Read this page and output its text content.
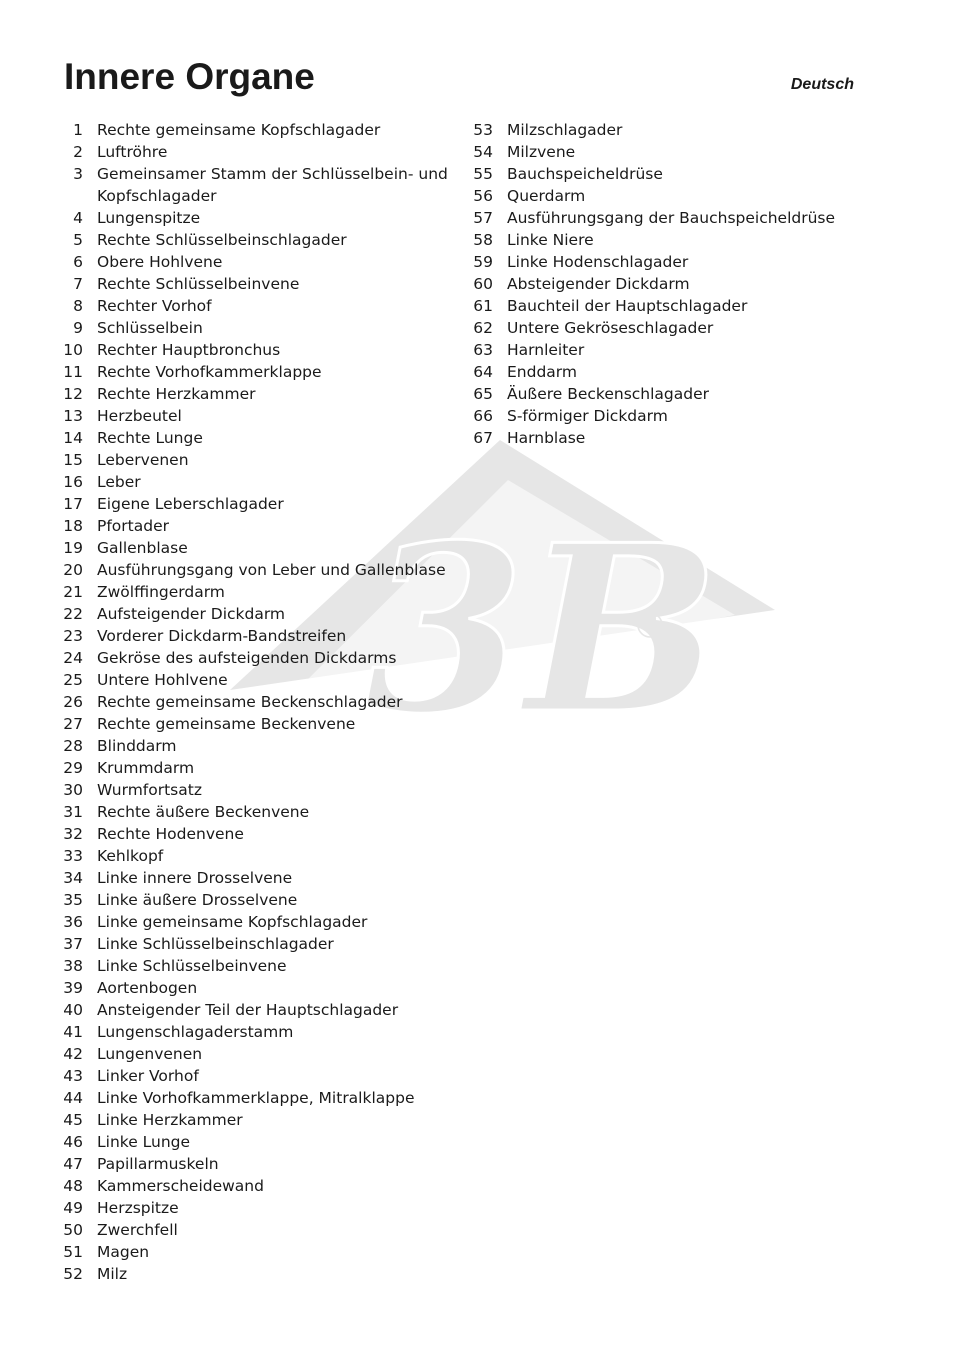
3B
Innere Organe	Deutsch
1 Rechte gemeinsame Kopfschlagader
2 Luftröhre
3 Gemeinsamer Stamm der Schlüsselbein- und Kopfschlagader
4 Lungenspitze
5 Rechte Schlüsselbeinschlagader
6 Obere Hohlvene
7 Rechte Schlüsselbeinvene
8 Rechter Vorhof
9 Schlüsselbein
10 Rechter Hauptbronchus
11 Rechte Vorhofkammerklappe
12 Rechte Herzkammer
13 Herzbeutel
14 Rechte Lunge
15 Lebervenen
16 Leber
17 Eigene Leberschlagader
18 Pfortader
19 Gallenblase
20 Ausführungsgang von Leber und Gallenblase
21 Zwölffingerdarm
22 Aufsteigender Dickdarm
23 Vorderer Dickdarm-Bandstreifen
24 Gekröse des aufsteigenden Dickdarms
25 Untere Hohlvene
26 Rechte gemeinsame Beckenschlagader
27 Rechte gemeinsame Beckenvene
28 Blinddarm
29 Krummdarm
30 Wurmfortsatz
31 Rechte äußere Beckenvene
32 Rechte Hodenvene
33 Kehlkopf
34 Linke innere Drosselvene
35 Linke äußere Drosselvene
36 Linke gemeinsame Kopfschlagader
37 Linke Schlüsselbeinschlagader
38 Linke Schlüsselbeinvene
39 Aortenbogen
40 Ansteigender Teil der Hauptschlagader
41 Lungenschlagaderstamm
42 Lungenvenen
43 Linker Vorhof
44 Linke Vorhofkammerklappe, Mitralklappe
45 Linke Herzkammer
46 Linke Lunge
47 Papillarmuskeln
48 Kammerscheidewand
49 Herzspitze
50 Zwerchfell
51 Magen
52 Milz
53 Milzschlagader
54 Milzvene
55 Bauchspeicheldrüse
56 Querdarm
57 Ausführungsgang der Bauchspeicheldrüse
58 Linke Niere
59 Linke Hodenschlagader
60 Absteigender Dickdarm
61 Bauchteil der Hauptschlagader
62 Untere Gekröseschlagader
63 Harnleiter
64 Enddarm
65 Äußere Beckenschlagader
66 S-förmiger Dickdarm
67 Harnblase
